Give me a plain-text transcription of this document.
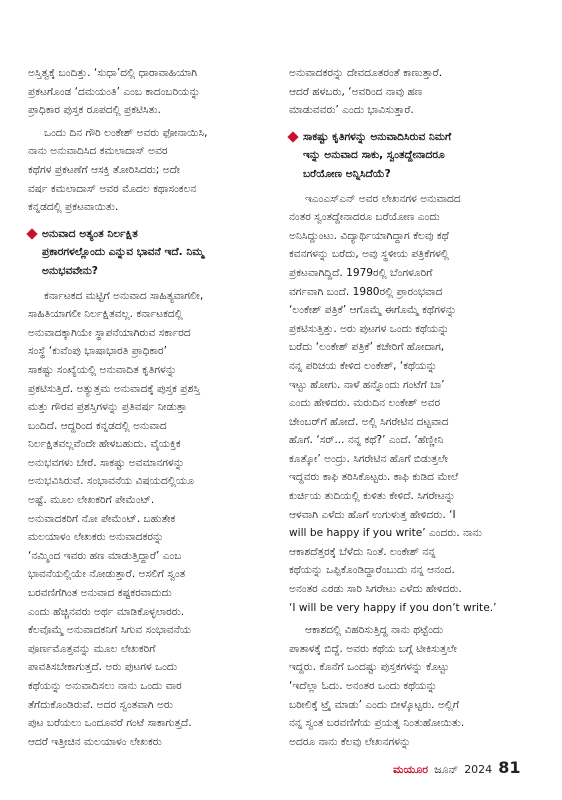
ಅಸ್ತಿತ್ವಕ್ಕೆ ಬಂದಿತ್ತು. ‘ಸುಧಾ’ದಲ್ಲಿ ಧಾರಾವಾಹಿಯಾಗಿ
ಪ್ರಕಟಗೊಂಡ ‘ದಮಯಂತಿ’ ಎಂಬ ಕಾದಂಬರಿಯನ್ನು
ಪ್ರಾಧಿಕಾರ ಪುಸ್ತಕ ರೂಪದಲ್ಲಿ ಪ್ರಕಟಿಸಿತು.
ಒಂದು ದಿನ ಗೌರಿ ಲಂಕೇಶ್ ಅವರು ಫೋನಾಯಿಸಿ,
ನಾನು ಅನುವಾದಿಸಿದ ಕಮಲಾದಾಸ್ ಅವರ
ಕಥೆಗಳ ಪ್ರಕಟಣೆಗೆ ಆಸಕ್ತಿ ತೋರಿಸಿದರು; ಅದೇ
ವರ್ಷ ಕಮಲಾದಾಸ್ ಅವರ ಮೊದಲ ಕಥಾಸಂಕಲನ
ಕನ್ನಡದಲ್ಲಿ ಪ್ರಕಟವಾಯಿತು.
ಅನುವಾದ ಅತ್ಯಂತ ನಿರ್ಲಕ್ಷಿತ
ಪ್ರಕಾರಗಳಲ್ಲೊಂದು ಎನ್ನುವ ಭಾವನೆ ಇದೆ. ನಿಮ್ಮ
ಅನುಭವವೇನು?
ಕರ್ನಾಟಕದ ಮಟ್ಟಿಗೆ ಅನುವಾದ ಸಾಹಿತ್ಯವಾಗಲೀ,
ಸಾಹಿತಿಯಾಗಲೀ ನಿರ್ಲಕ್ಷಿತವಲ್ಲ. ಕರ್ನಾಟಕದಲ್ಲಿ
ಅನುವಾದಕ್ಕಾಗಿಯೇ ಸ್ಥಾಪನೆಯಾಗಿರುವ ಸರ್ಕಾರದ
ಸಂಸ್ಥೆ ‘ಕುವೆಂಪು ಭಾಷಾಭಾರತಿ ಪ್ರಾಧಿಕಾರ’
ಸಾಕಷ್ಟು ಸಂಖ್ಯೆಯಲ್ಲಿ ಅನುವಾದಿತ ಕೃತಿಗಳನ್ನು
ಪ್ರಕಟಿಸುತ್ತಿದೆ. ಅತ್ಯುತ್ತಮ ಅನುವಾದಕ್ಕೆ ಪುಸ್ತಕ ಪ್ರಶಸ್ತಿ
ಮತ್ತು ಗೌರವ ಪ್ರಶಸ್ತಿಗಳನ್ನು ಪ್ರತಿವರ್ಷ ನೀಡುತ್ತಾ
ಬಂದಿದೆ. ಆದ್ದರಿಂದ ಕನ್ನಡದಲ್ಲಿ ಅನುವಾದ
ನಿರ್ಲಕ್ಷಿತವಲ್ಲವೆಂದೇ ಹೇಳಬಹುದು. ವೈಯಕ್ತಿಕ
ಅನುಭವಗಳು ಬೇರೆ. ಸಾಕಷ್ಟು ಅವಮಾನಗಳನ್ನು
ಅನುಭವಿಸಿರುವೆ. ಸಂಭಾವನೆಯ ವಿಷಯದಲ್ಲಿಯೂ
ಅಷ್ಟೆ. ಮೂಲ ಲೇಖಕರಿಗೆ ಪೇಮೆಂಟ್.
ಅನುವಾದಕರಿಗೆ ನೋ ಪೇಮೆಂಟ್. ಬಹುತೇಕ
ಮಲಯಾಳಂ ಲೇಖಕರು ಅನುವಾದಕರನ್ನು
‘ನಮ್ಮಿಂದ ಇವರು ಹಣ ಮಾಡುತ್ತಿದ್ದಾರೆ’ ಎಂಬ
ಭಾವನೆಯಲ್ಲಿಯೇ ನೋಡುತ್ತಾರೆ. ಅಸಲಿಗೆ ಸ್ವಂತ
ಬರವಣಿಗೆಗಿಂತ ಅನುವಾದ ಕಷ್ಟಕರವಾದುದು
ಎಂದು ಹೆಚ್ಚಿನವರು ಅರ್ಥ ಮಾಡಿಕೊಳ್ಳಲಾರರು.
ಕೆಲವೊಮ್ಮೆ ಅನುವಾದಕನಿಗೆ ಸಿಗುವ ಸಂಭಾವನೆಯ
ಪೂರ್ಣಮೊತ್ತವನ್ನು ಮೂಲ ಲೇಖಕರಿಗೆ
ಪಾವತಿಸಬೇಕಾಗುತ್ತದೆ. ಅರು ಪುಟಗಳ ಒಂದು
ಕಥೆಯನ್ನು ಅನುವಾದಿಸಲು ನಾನು ಒಂದು ವಾರ
ತೆಗೆದುಕೊಂಡಿರುವೆ. ಅದರ ಸ್ವಂತವಾಗಿ ಅರು
ಪುಟ ಬರೆಯಲು ಒಂದೂವರೆ ಗಂಟೆ ಸಾಕಾಗುತ್ತದೆ.
ಆದರೆ ಇತ್ತೀಚಿನ ಮಲಯಾಳಂ ಲೇಖಕರು
ಅನುವಾದಕರನ್ನು ದೇವದೂತರಂತೆ ಕಾಣುತ್ತಾರೆ.
ಆದರೆ ಹಳಬರು, ‘ಅವರಿಂದ ನಾವು ಹಣ
ಮಾಡುವವರು’ ಎಂದು ಭಾವಿಸುತ್ತಾರೆ.
ಸಾಕಷ್ಟು ಕೃತಿಗಳನ್ನು ಅನುವಾದಿಸಿರುವ ನಿಮಗೆ
ಇನ್ನು ಅನುವಾದ ಸಾಕು, ಸ್ವಂತದ್ದೇನಾದರೂ
ಬರೆಯೋಣ ಅನ್ನಿಸಿದೆಯೆ?
ಇಎಂಎಸ್‌ಎನ್ ಅವರ ಲೇಖನಗಳ ಅನುವಾದದ
ನಂತರ ಸ್ವಂತದ್ದೇನಾದರೂ ಬರೆಯೋಣ ಎಂದು
ಅನಿಸಿದ್ದುಂಟು. ವಿದ್ಯಾರ್ಥಿಯಾಗಿದ್ದಾಗ ಕೆಲವು ಕಥೆ
ಕವನಗಳನ್ನು ಬರೆದು, ಅವು ಸ್ಥಳೀಯ ಪತ್ರಿಕೆಗಳಲ್ಲಿ
ಪ್ರಕಟವಾಗಿದ್ದಿದೆ. 1979ರಲ್ಲಿ ಬೆಂಗಳೂರಿಗೆ
ವರ್ಗವಾಗಿ ಬಂದೆ. 1980ರಲ್ಲಿ ಪ್ರಾರಂಭವಾದ
‘ಲಂಕೇಶ್ ಪತ್ರಿಕೆ’ ಆಗೊಮ್ಮೆ ಈಗೊಮ್ಮೆ ಕಥೆಗಳನ್ನು
ಪ್ರಕಟಿಸುತ್ತಿತ್ತು. ಅರು ಪುಟಗಳ ಒಂದು ಕಥೆಯನ್ನು
ಬರೆದು ‘ಲಂಕೇಶ್ ಪತ್ರಿಕೆ’ ಕಚೇರಿಗೆ ಹೋದಾಗ,
ನನ್ನ ಪರಿಚಯ ಕೇಳಿದ ಲಂಕೇಶ್, ‘ಕಥೆಯನ್ನು
ಇಟ್ಟು ಹೋಗು. ನಾಳೆ ಹನ್ನೊಂದು ಗಂಟೆಗೆ ಬಾ’
ಎಂದು ಹೇಳಿದರು. ಮರುದಿನ ಲಂಕೇಶ್ ಅವರ
ಚೇಂಬರ್‌ಗೆ ಹೋದೆ. ಅಲ್ಲಿ ಸಿಗರೇಟಿನ ದಟ್ಟವಾದ
ಹೊಗೆ. ‘ಸರ್... ನನ್ನ ಕಥೆ?’ ಎಂದೆ. ‘ಹೆಣ್ಣೀನಿ
ಕೂತ್ಕೋ’ ಅಂದ್ರು. ಸಿಗರೇಟಿನ ಹೊಗೆ ಬಿಡುತ್ತಲೇ
ಇದ್ದವರು ಕಾಫಿ ತರಿಸಿಕೊಟ್ಟರು. ಕಾಫಿ ಕುಡಿದ ಮೇಲೆ
ಕುರ್ಚಿಯ ತುದಿಯಲ್ಲಿ ಕುಳಿತು ಕೇಳಿದೆ. ಸಿಗರೇಟನ್ನು
ಆಳವಾಗಿ ಎಳೆದು ಹೊಗೆ ಉಗುಳುತ್ತ ಹೇಳಿದರು. ‘I
will be happy if you write’ ಎಂದರು. ನಾನು
ಆಕಾಶದೆತ್ತರಕ್ಕೆ ಬೆಳೆದು ನಿಂತೆ. ಲಂಕೇಶ್ ನನ್ನ
ಕಥೆಯನ್ನು ಒಪ್ಪಿಕೊಂಡಿದ್ದಾರೆಂಬುದು ನನ್ನ ಆನಂದ.
ಅನಂತರ ಎರಡು ಸಾರಿ ಸಿಗರೇಟು ಎಳೆದು ಹೇಳಿದರು.
‘I will be very happy if you don’t write.’
ಆಕಾಶದಲ್ಲಿ ವಿಹರಿಸುತ್ತಿದ್ದ ನಾನು ಥಟ್ಟೆಂದು
ಪಾತಾಳಕ್ಕೆ ಬಿದ್ದೆ. ಅವರು ಕಥೆಯ ಬಗ್ಗೆ ಟೀಕಿಸುತ್ತಲೇ
ಇದ್ದರು. ಕೊನೆಗೆ ಒಂದಷ್ಟು ಪುಸ್ತಕಗಳನ್ನು ಕೊಟ್ಟು
‘ಇದೆಲ್ಲಾ ಓದು. ಅನಂತರ ಒಂದು ಕಥೆಯನ್ನು
ಬರೀಲಿಕ್ಕೆ ಟ್ರೈ ಮಾಡು’ ಎಂದು ಬೀಳ್ಕೊಟ್ಟರು. ಅಲ್ಲಿಗೆ
ನನ್ನ ಸ್ವಂತ ಬರವಣಿಗೆಯ ಪ್ರಯತ್ನ ನಿಂತುಹೋಯಿತು.
ಅದರೂ ನಾನು ಕೆಲವು ಲೇಖನಗಳನ್ನು
ಮಯೂರ ಜೂನ್ 2024 81
